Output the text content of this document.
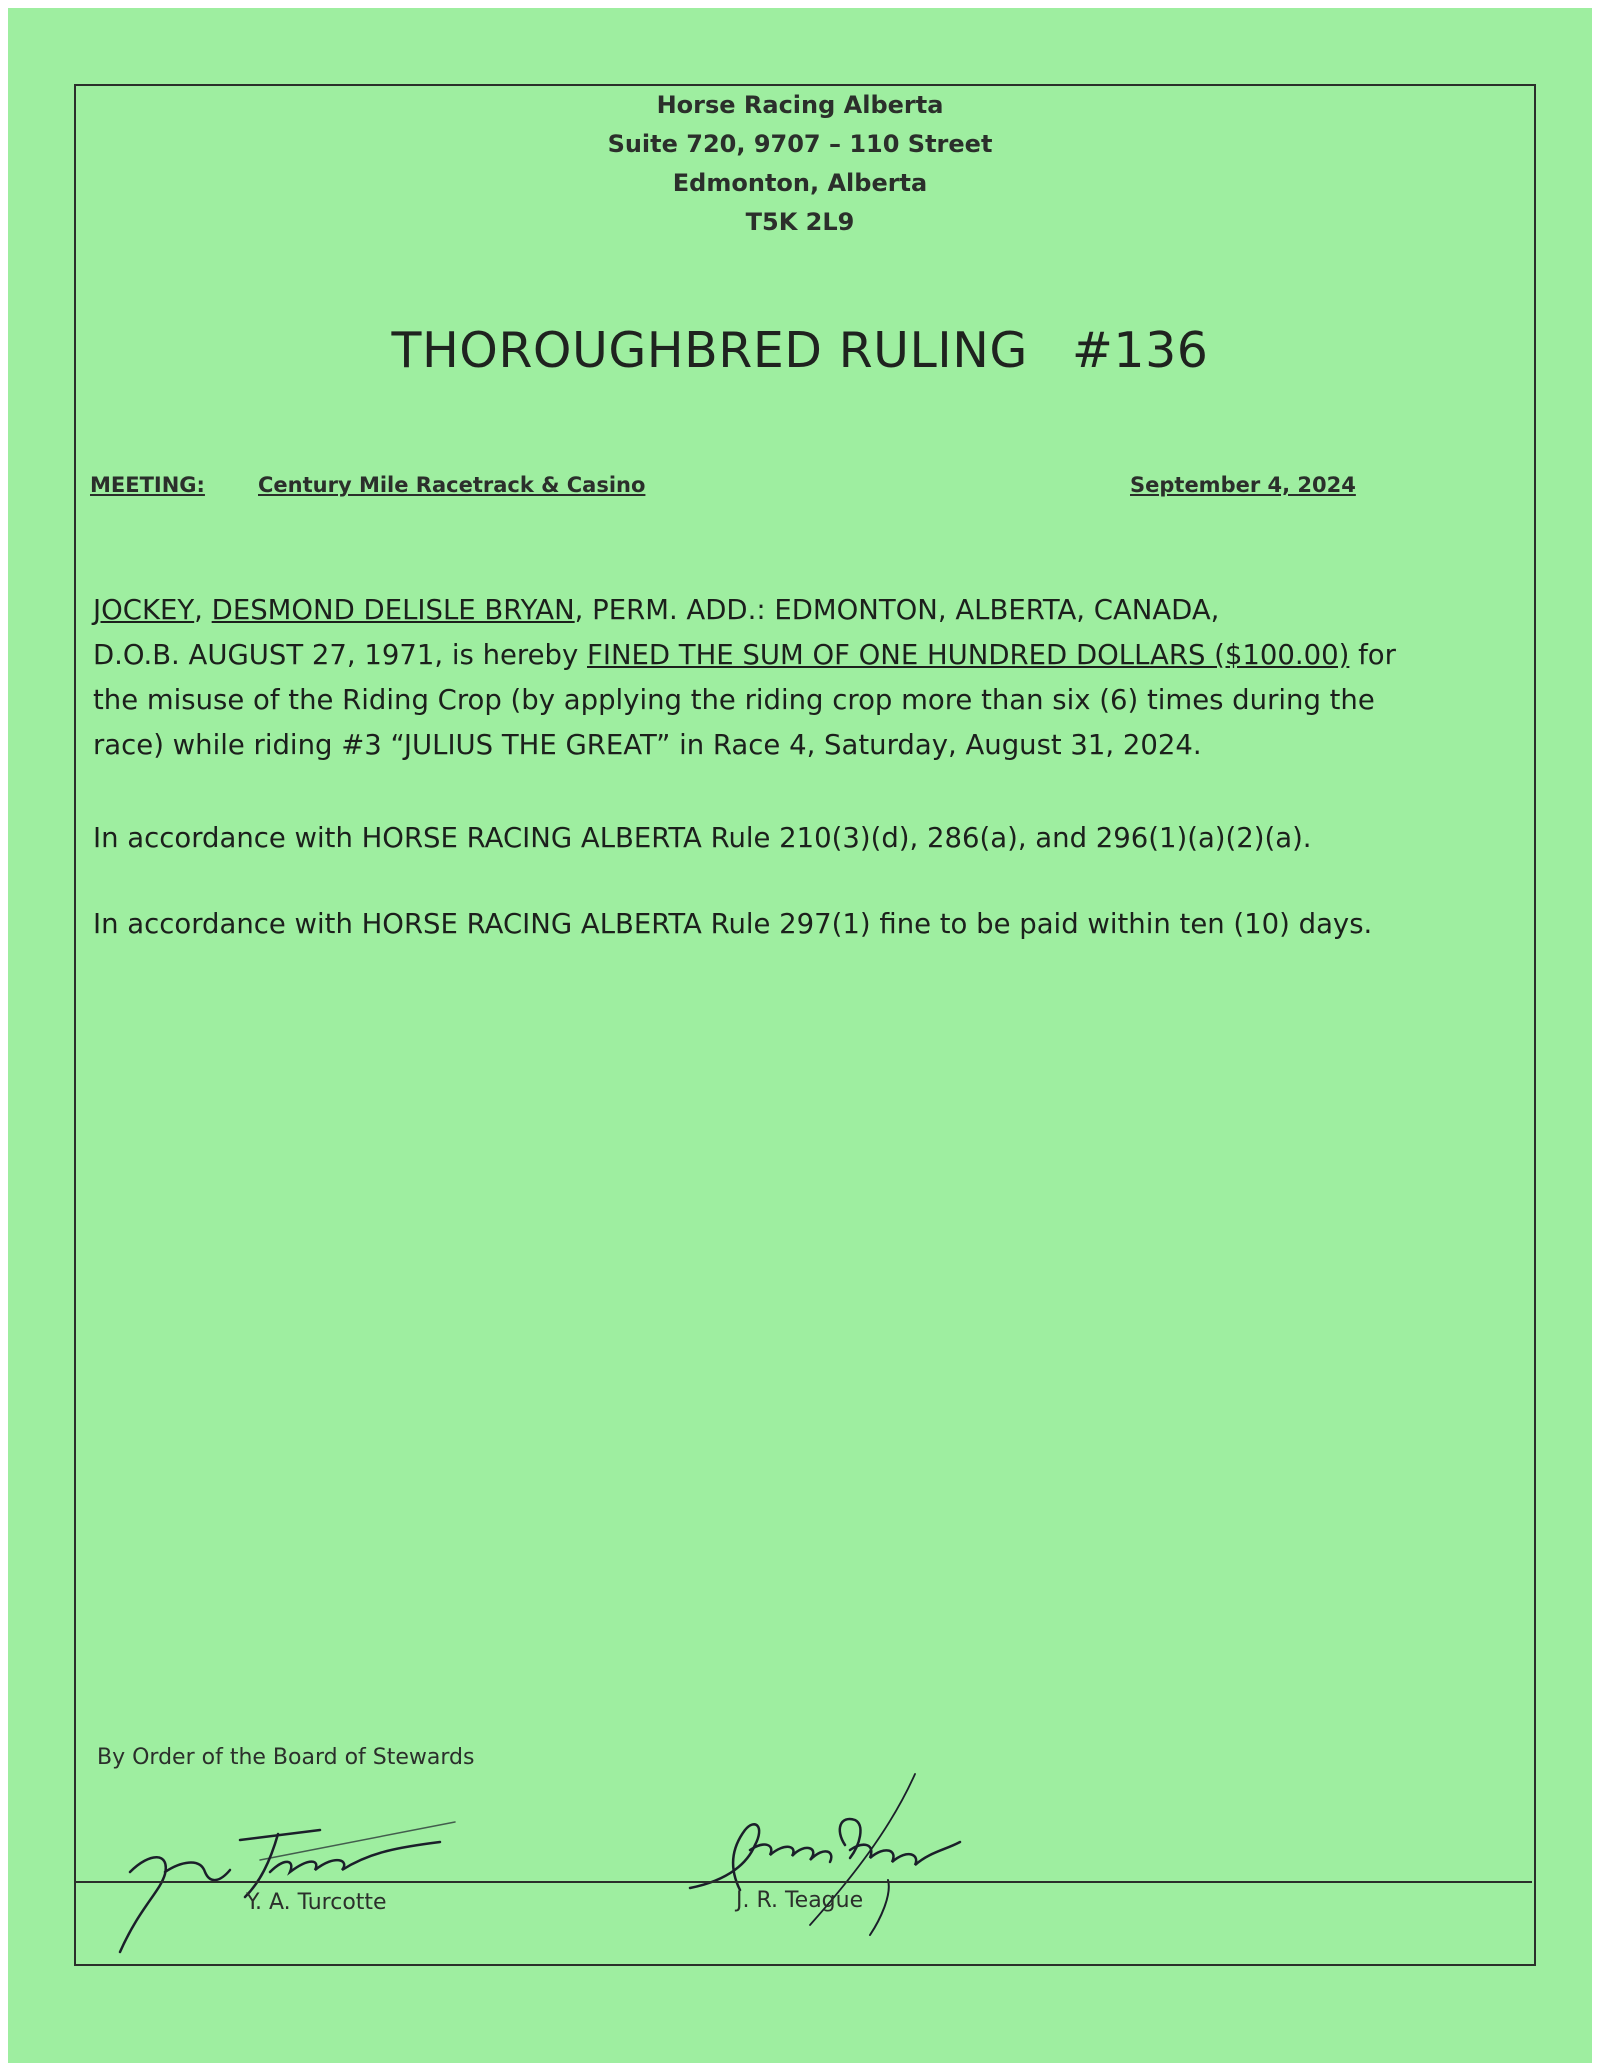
Horse Racing Alberta
Suite 720, 9707 – 110 Street
Edmonton, Alberta
T5K 2L9
THOROUGHBRED RULING #136
MEETING:	Century Mile Racetrack & Casino	September 4, 2024
JOCKEY, DESMOND DELISLE BRYAN, PERM. ADD.: EDMONTON, ALBERTA, CANADA,
D.O.B. AUGUST 27, 1971, is hereby FINED THE SUM OF ONE HUNDRED DOLLARS ($100.00) for
the misuse of the Riding Crop (by applying the riding crop more than six (6) times during the
race) while riding #3 “JULIUS THE GREAT” in Race 4, Saturday, August 31, 2024.
In accordance with HORSE RACING ALBERTA Rule 210(3)(d), 286(a), and 296(1)(a)(2)(a).
In accordance with HORSE RACING ALBERTA Rule 297(1) fine to be paid within ten (10) days.
By Order of the Board of Stewards
Y. A. Turcotte	J. R. Teague
